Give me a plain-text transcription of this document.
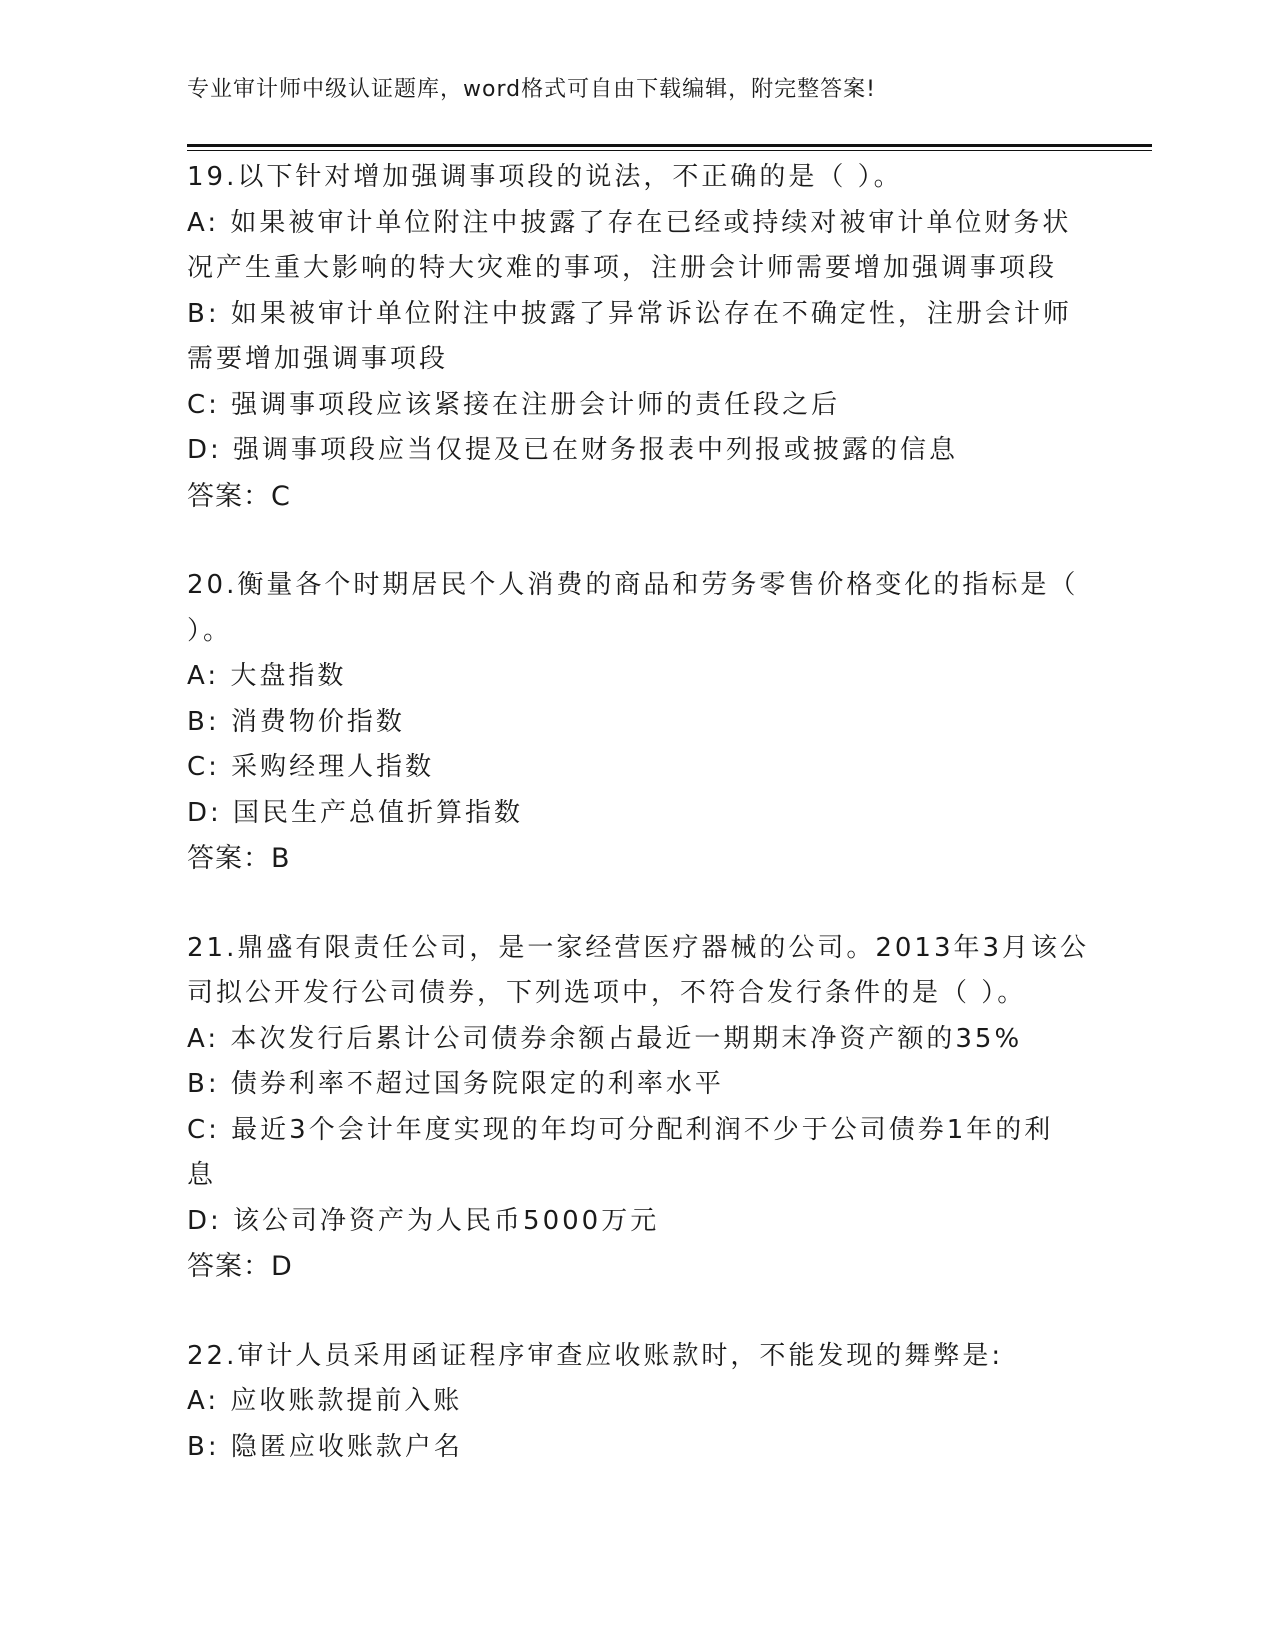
专业审计师中级认证题库，word格式可自由下载编辑，附完整答案!
19.以下针对增加强调事项段的说法，不正确的是（ ）。
A: 如果被审计单位附注中披露了存在已经或持续对被审计单位财务状
况产生重大影响的特大灾难的事项，注册会计师需要增加强调事项段
B: 如果被审计单位附注中披露了异常诉讼存在不确定性，注册会计师
需要增加强调事项段
C: 强调事项段应该紧接在注册会计师的责任段之后
D: 强调事项段应当仅提及已在财务报表中列报或披露的信息
答案：C
20.衡量各个时期居民个人消费的商品和劳务零售价格变化的指标是（
）。
A: 大盘指数
B: 消费物价指数
C: 采购经理人指数
D: 国民生产总值折算指数
答案：B
21.鼎盛有限责任公司，是一家经营医疗器械的公司。2013年3月该公
司拟公开发行公司债券，下列选项中，不符合发行条件的是（ ）。
A: 本次发行后累计公司债券余额占最近一期期末净资产额的35%
B: 债券利率不超过国务院限定的利率水平
C: 最近3个会计年度实现的年均可分配利润不少于公司债券1年的利
息
D: 该公司净资产为人民币5000万元
答案：D
22.审计人员采用函证程序审查应收账款时，不能发现的舞弊是:
A: 应收账款提前入账
B: 隐匿应收账款户名
